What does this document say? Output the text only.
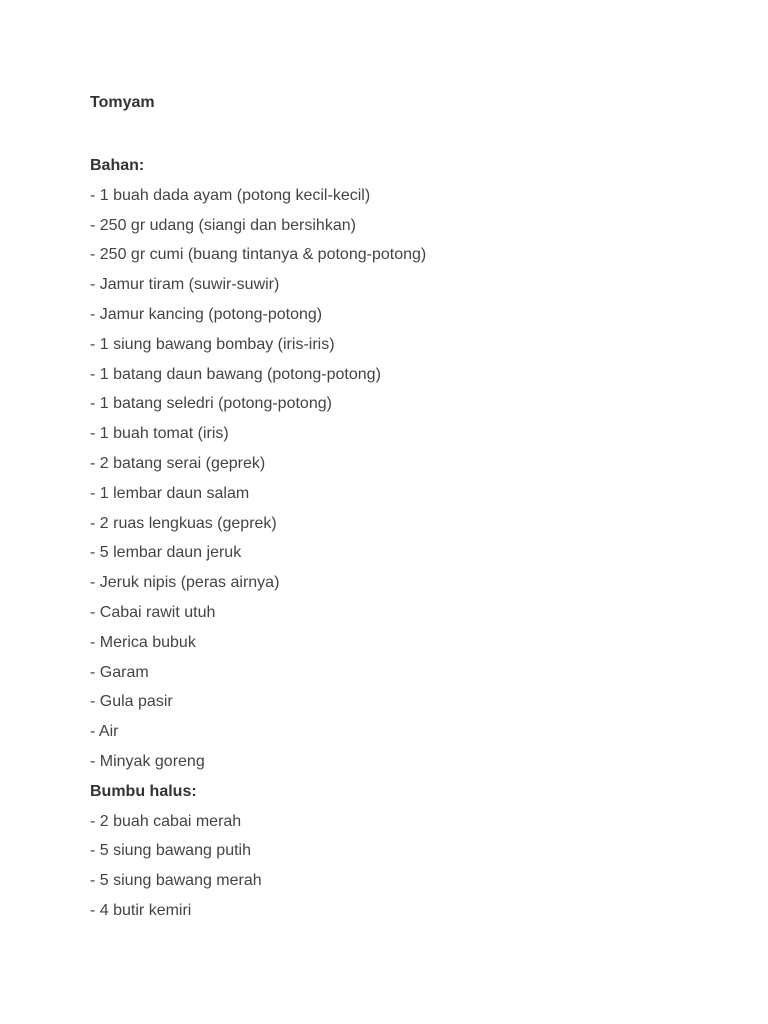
Tomyam
Bahan:
- 1 buah dada ayam (potong kecil-kecil)
- 250 gr udang (siangi dan bersihkan)
- 250 gr cumi (buang tintanya & potong-potong)
- Jamur tiram (suwir-suwir)
- Jamur kancing (potong-potong)
- 1 siung bawang bombay (iris-iris)
- 1 batang daun bawang (potong-potong)
- 1 batang seledri (potong-potong)
- 1 buah tomat (iris)
- 2 batang serai (geprek)
- 1 lembar daun salam
- 2 ruas lengkuas (geprek)
- 5 lembar daun jeruk
- Jeruk nipis (peras airnya)
- Cabai rawit utuh
- Merica bubuk
- Garam
- Gula pasir
- Air
- Minyak goreng
Bumbu halus:
- 2 buah cabai merah
- 5 siung bawang putih
- 5 siung bawang merah
- 4 butir kemiri
